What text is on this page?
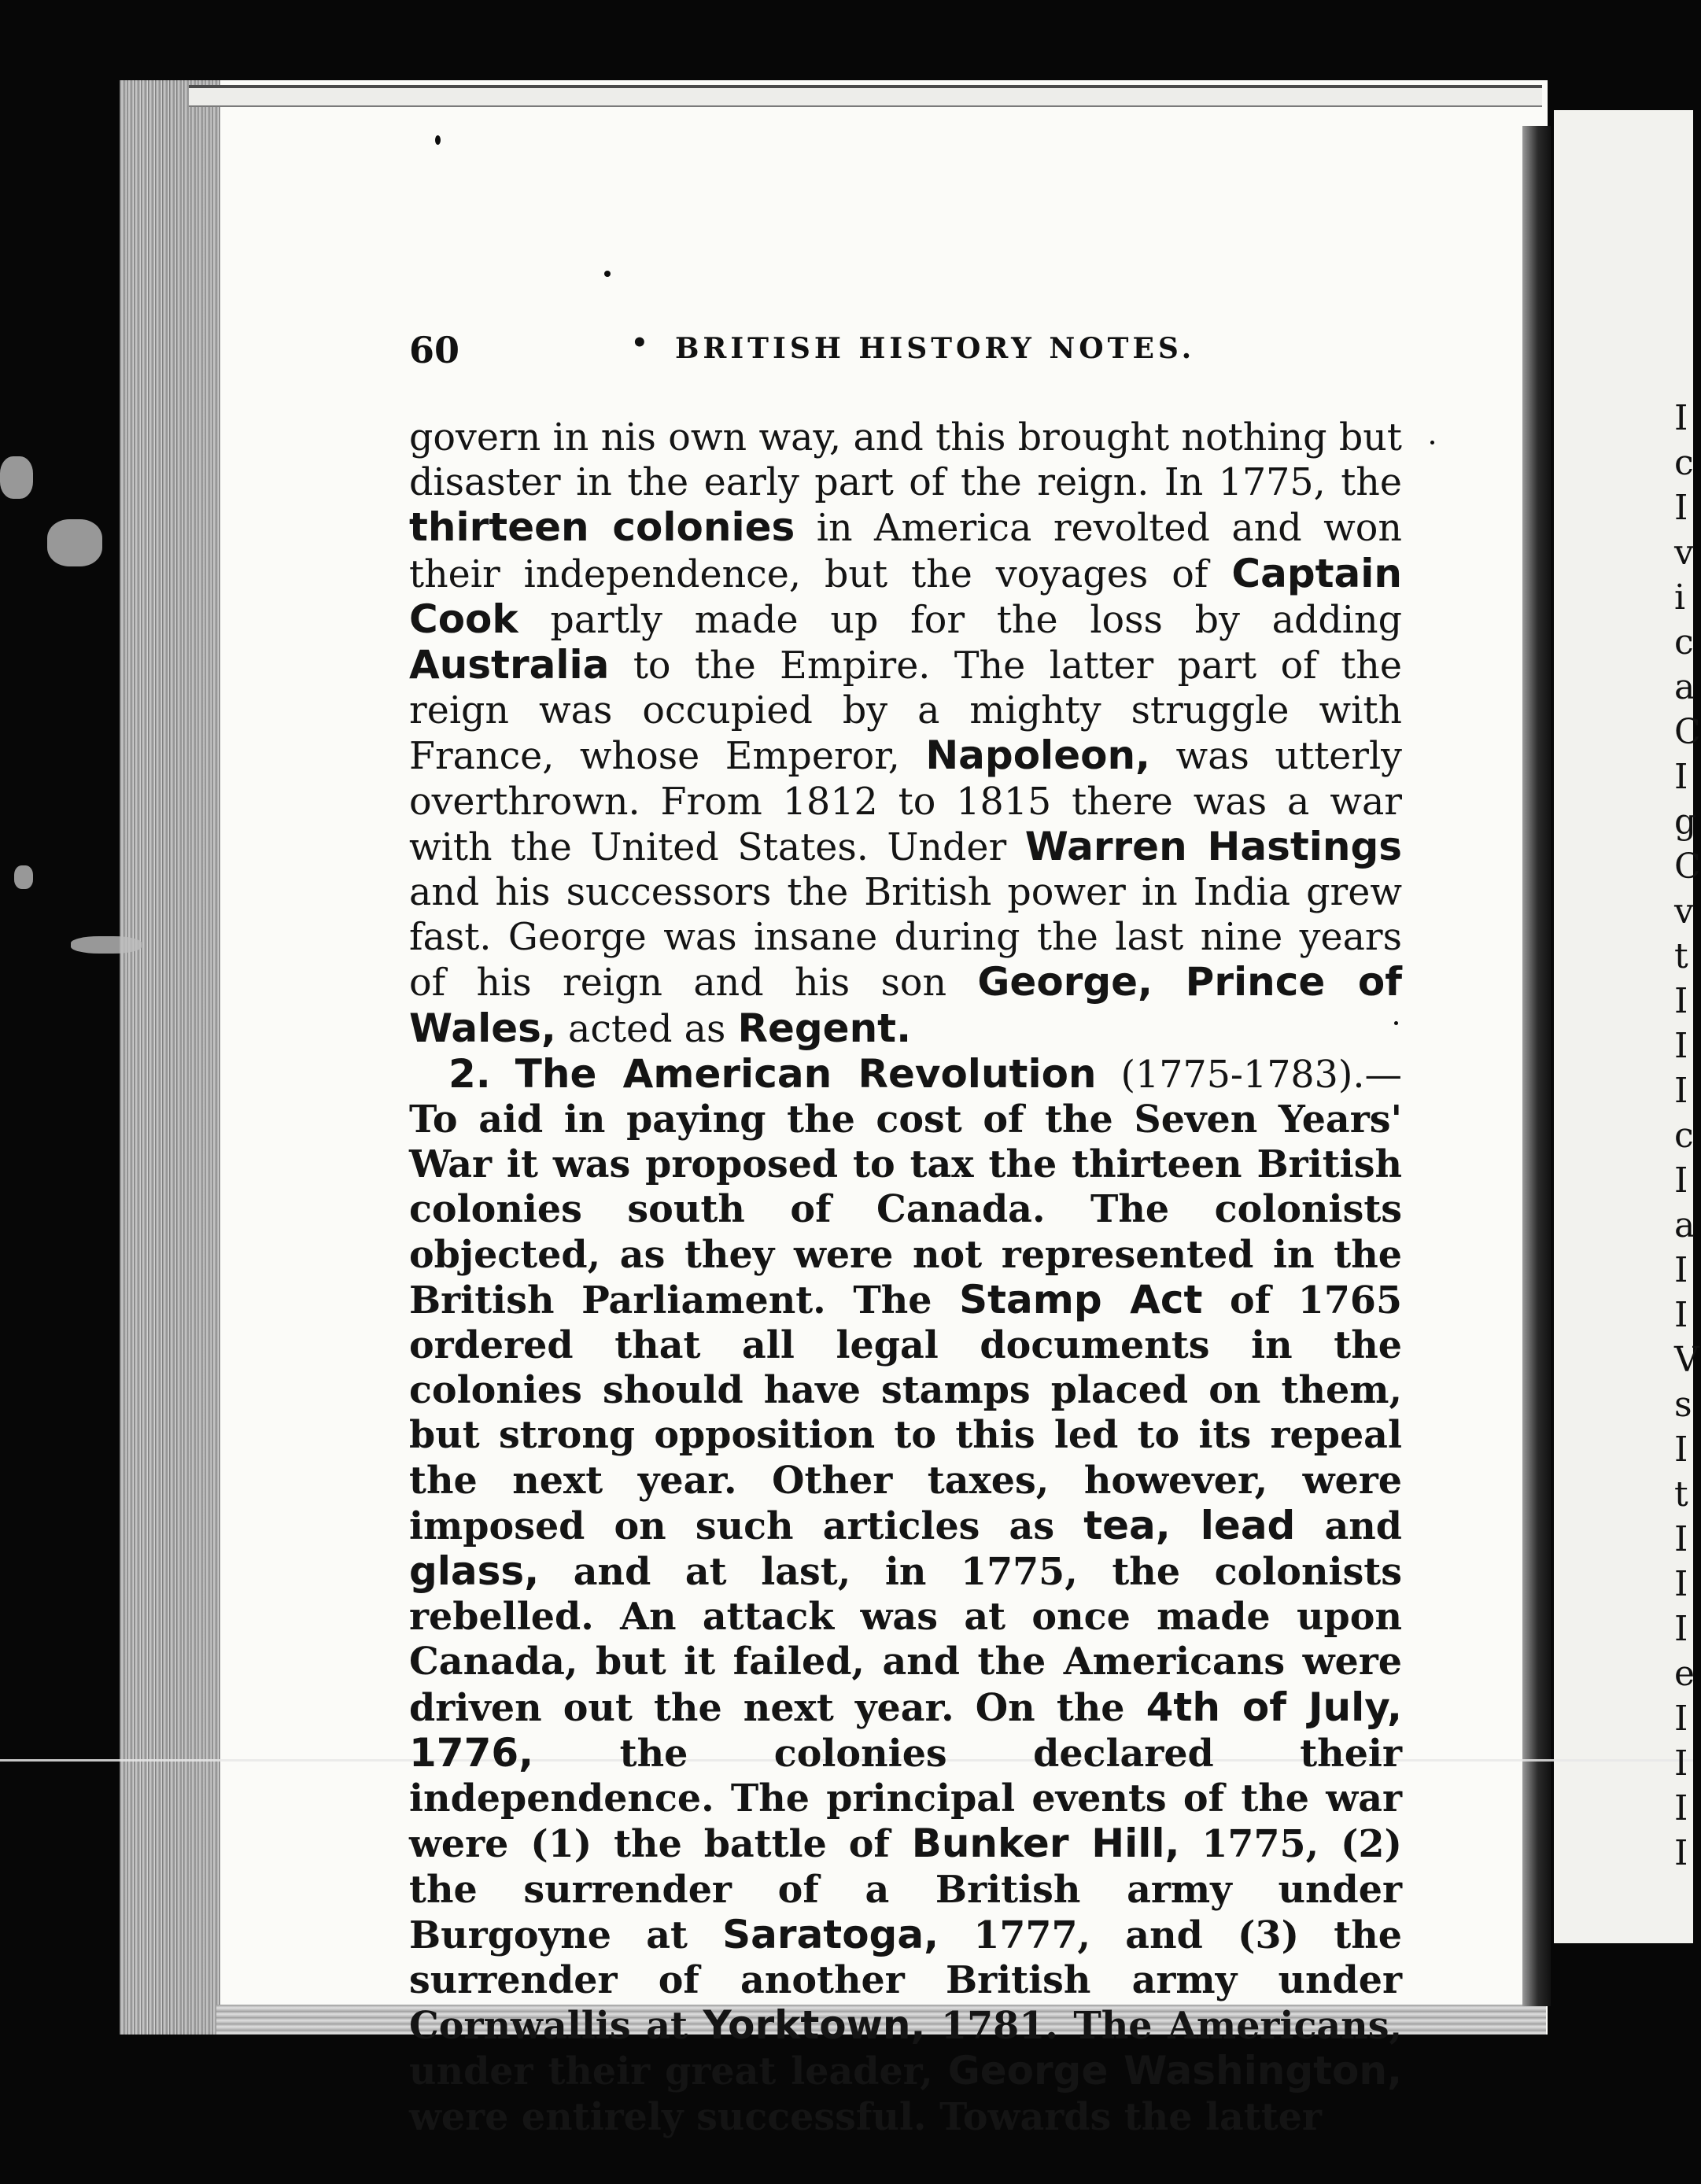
I
c
I
v
i
c
a
C
I
g
C
v
t
I
I
I
c
I
a
I
I
V
s
I
t
I
I
I
e
I
I
I
I
60	• BRITISH HISTORY NOTES.

govern in nis own way, and this brought nothing but disaster in the early part of the reign. In 1775, the thirteen colonies in America revolted and won their independence, but the voyages of Captain Cook partly made up for the loss by adding Australia to the Empire. The latter part of the reign was occupied by a mighty struggle with France, whose Emperor, Napoleon, was utterly overthrown. From 1812 to 1815 there was a war with the United States. Under Warren Hastings and his successors the British power in India grew fast. George was insane during the last nine years of his reign and his son George, Prince of Wales, acted as Regent.

2. The American Revolution (1775-1783).— To aid in paying the cost of the Seven Years' War it was proposed to tax the thirteen British colonies south of Canada. The colonists objected, as they were not represented in the British Parliament. The Stamp Act of 1765 ordered that all legal documents in the colonies should have stamps placed on them, but strong opposition to this led to its repeal the next year. Other taxes, however, were imposed on such articles as tea, lead and glass, and at last, in 1775, the colonists rebelled. An attack was at once made upon Canada, but it failed, and the Americans were driven out the next year. On the 4th of July, 1776, the colonies declared their independence. The principal events of the war were (1) the battle of Bunker Hill, 1775, (2) the surrender of a British army under Burgoyne at Saratoga, 1777, and (3) the surrender of another British army under Cornwallis at Yorktown, 1781. The Americans, under their great leader, George Washington, were entirely successful. Towards the latter
